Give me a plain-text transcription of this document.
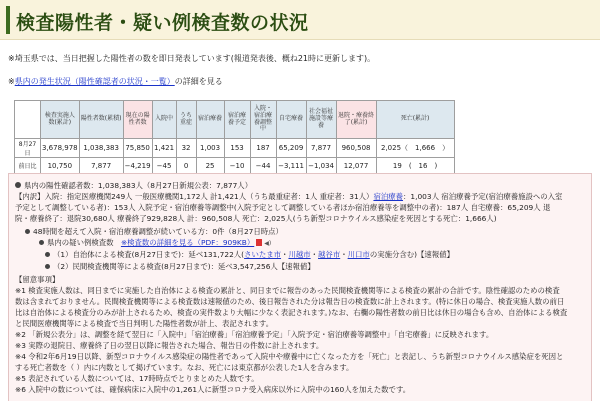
検査陽性者・疑い例検査数の状況
※埼玉県では、当日把握した陽性者の数を即日発表しています(報道発表後、概ね21時に更新します)。
※県内の発生状況（陽性確認者の状況・一覧）の詳細を見る
	検査実施人数(累計)	陽性者数(累積)	現在の陽性者数	入院中	うち重症	宿泊療養	宿泊療養予定	入院・宿泊療養調整中	自宅療養	社会福祉施設等療養	退院・療養終了(累計)	死亡(累計)
8月27日	3,678,978	1,038,383	75,850	1,421	32	1,003	153	187	65,209	7,877	960,508	2,025（　1,666　）
前日比	10,750	7,877	−4,219	−45	0	25	−10	−44	−3,111	−1,034	12,077	19　(　16　)
県内の陽性確認者数：1,038,383人（8月27日新規公表：7,877人）
【内訳】入院：指定医療機関249人 一般医療機関1,172人 計1,421人（うち最重症者：1人 重症者：31人）宿泊療養：1,003人 宿泊療養予定(宿泊療養施設への入室
予定として調整している者)：153人 入院予定・宿泊療養等調整中(入院予定として調整している者ほか宿泊療養等を調整中の者)：187人 自宅療養：65,209人 退
院・療養終了：退院30,680人 療養終了929,828人 計：960,508人 死亡：2,025人(うち新型コロナウイルス感染症を死因とする死亡：1,666人)
48時間を超えて入院・宿泊療養調整が続いている方：0件（8月27日時点）
県内の疑い例検査数　 ※検査数の詳細を見る（PDF：909KB） ◀)
（1）自治体による検査(8月27日まで)：延べ131,722人(さいたま市・川越市・越谷市・川口市の実施分含む)【速報値】
（2）民間検査機関等による検査(8月27日まで)：延べ3,547,256人【速報値】
【留意事項】
※1 検査実施人数は、同日までに実施した自治体による検査の累計と、同日までに報告のあった民間検査機関等による検査の累計の合計です。陰性確認のための検査
数は含まれておりません。民間検査機関等による検査数は速報値のため、後日報告された分は報告日の検査数に計上されます。(特に休日の場合、検査実施人数の前日
比は自治体による検査分のみが計上されるため、検査の実件数より大幅に少なく表記されます。)なお、右欄の陽性者数の前日比は休日の場合も含め、自治体による検査
と民間医療機関等による検査で当日判明した陽性者数が計上、表記されます。
※2 「新規公表分」は、調整を経て翌日に「入院中」「宿泊療養」「宿泊療養予定」「入院予定・宿泊療養等調整中」「自宅療養」に反映されます。
※3 実際の退院日、療養終了日の翌日以降に報告された場合、報告日の件数に計上されます。
※4 令和2年6月19日以降、新型コロナウイルス感染症の陽性者であって入院中や療養中に亡くなった方を「死亡」と表記し、うち新型コロナウイルス感染症を死因と
する死亡者数を（ ）内に内数として掲げています。なお、死亡には東京都が公表した1人を含みます。
※5 表記されている人数については、17時時点でとりまとめた人数です。
※6 入院中の数については、確保病床に入院中の1,261人に新型コロナ受入病床以外に入院中の160人を加えた数です。
